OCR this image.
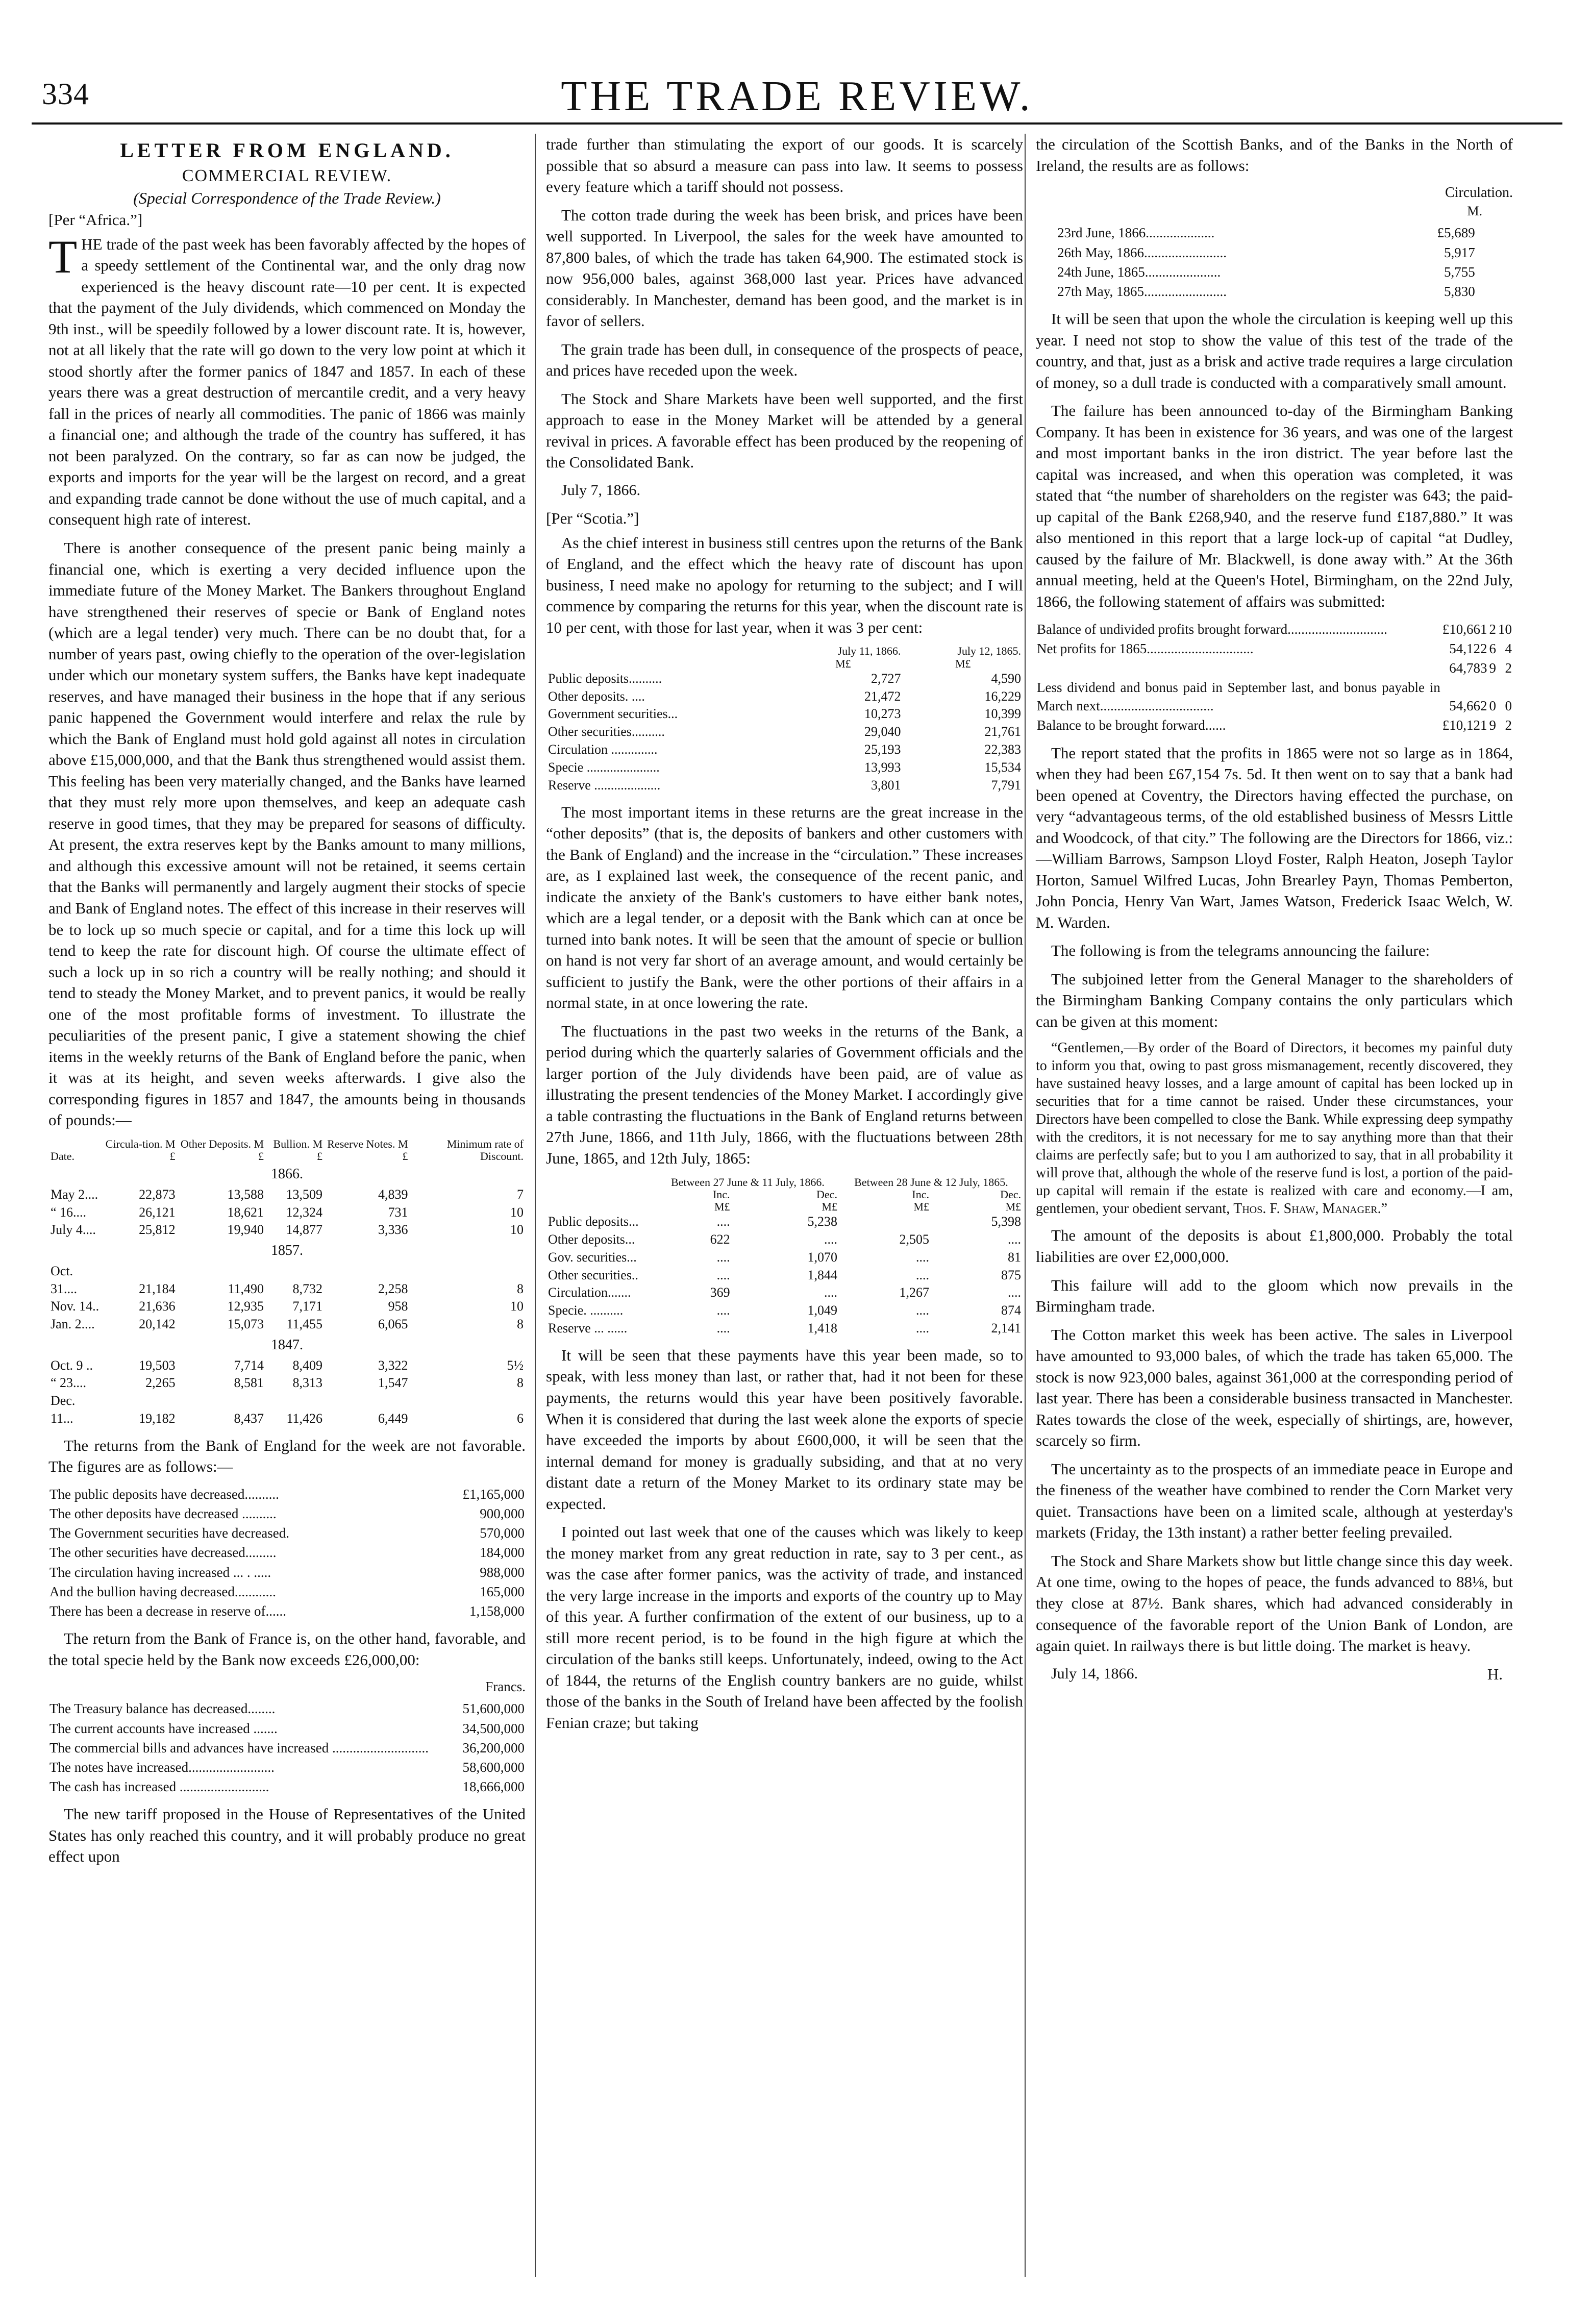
334	THE TRADE REVIEW.
LETTER FROM ENGLAND.
COMMERCIAL REVIEW.
(Special Correspondence of the Trade Review.)
[Per “Africa.”]

THE trade of the past week has been favorably affected by the hopes of a speedy settlement of the Continental war, and the only drag now experienced is the heavy discount rate—10 per cent. It is expected that the payment of the July dividends, which commenced on Monday the 9th inst., will be speedily followed by a lower discount rate. It is, however, not at all likely that the rate will go down to the very low point at which it stood shortly after the former panics of 1847 and 1857. In each of these years there was a great destruction of mercantile credit, and a very heavy fall in the prices of nearly all commodities. The panic of 1866 was mainly a financial one; and although the trade of the country has suffered, it has not been paralyzed. On the contrary, so far as can now be judged, the exports and imports for the year will be the largest on record, and a great and expanding trade cannot be done without the use of much capital, and a consequent high rate of interest.

There is another consequence of the present panic being mainly a financial one, which is exerting a very decided influence upon the immediate future of the Money Market. The Bankers throughout England have strengthened their reserves of specie or Bank of England notes (which are a legal tender) very much. There can be no doubt that, for a number of years past, owing chiefly to the operation of the over-legislation under which our monetary system suffers, the Banks have kept inadequate reserves, and have managed their business in the hope that if any serious panic happened the Government would interfere and relax the rule by which the Bank of England must hold gold against all notes in circulation above £15,000,000, and that the Bank thus strengthened would assist them. This feeling has been very materially changed, and the Banks have learned that they must rely more upon themselves, and keep an adequate cash reserve in good times, that they may be prepared for seasons of difficulty. At present, the extra reserves kept by the Banks amount to many millions, and although this excessive amount will not be retained, it seems certain that the Banks will permanently and largely augment their stocks of specie and Bank of England notes. The effect of this increase in their reserves will be to lock up so much specie or capital, and for a time this lock up will tend to keep the rate for discount high. Of course the ultimate effect of such a lock up in so rich a country will be really nothing; and should it tend to steady the Money Market, and to prevent panics, it would be really one of the most profitable forms of investment. To illustrate the peculiarities of the present panic, I give a statement showing the chief items in the weekly returns of the Bank of England before the panic, when it was at its height, and seven weeks afterwards. I give also the corresponding figures in 1857 and 1847, the amounts being in thousands of pounds:—

Date.	Circula-tion. M £	Other Deposits. M £	Bullion. M £	Reserve Notes. M £	Minimum rate of Discount.
1866.					
May 2....	22,873	13,588	13,509	4,839	7
“ 16....	26,121	18,621	12,324	731	10
July 4....	25,812	19,940	14,877	3,336	10
1857.					
Oct. 31....	21,184	11,490	8,732	2,258	8
Nov. 14..	21,636	12,935	7,171	958	10
Jan. 2....	20,142	15,073	11,455	6,065	8
1847.					
Oct. 9 ..	19,503	7,714	8,409	3,322	5½
“ 23....	2,265	8,581	8,313	1,547	8
Dec. 11...	19,182	8,437	11,426	6,449	6

The returns from the Bank of England for the week are not favorable. The figures are as follows:—

The public deposits have decreased..........	£1,165,000
The other deposits have decreased ..........	900,000
The Government securities have decreased.	570,000
The other securities have decreased.........	184,000
The circulation having increased ... . .....	988,000
And the bullion having decreased............	165,000
There has been a decrease in reserve of......	1,158,000

The return from the Bank of France is, on the other hand, favorable, and the total specie held by the Bank now exceeds £26,000,00:

Francs.
The Treasury balance has decreased........	51,600,000
The current accounts have increased .......	34,500,000
The commercial bills and advances have increased ............................	36,200,000
The notes have increased.........................	58,600,000
The cash has increased ..........................	18,666,000

The new tariff proposed in the House of Representatives of the United States has only reached this country, and it will probably produce no great effect upon

trade further than stimulating the export of our goods. It is scarcely possible that so absurd a measure can pass into law. It seems to possess every feature which a tariff should not possess.

The cotton trade during the week has been brisk, and prices have been well supported. In Liverpool, the sales for the week have amounted to 87,800 bales, of which the trade has taken 64,900. The estimated stock is now 956,000 bales, against 368,000 last year. Prices have advanced considerably. In Manchester, demand has been good, and the market is in favor of sellers.

The grain trade has been dull, in consequence of the prospects of peace, and prices have receded upon the week.

The Stock and Share Markets have been well supported, and the first approach to ease in the Money Market will be attended by a general revival in prices. A favorable effect has been produced by the reopening of the Consolidated Bank.

July 7, 1866.
[Per “Scotia.”]

As the chief interest in business still centres upon the returns of the Bank of England, and the effect which the heavy rate of discount has upon business, I need make no apology for returning to the subject; and I will commence by comparing the returns for this year, when the discount rate is 10 per cent, with those for last year, when it was 3 per cent:

	July 11, 1866.	July 12, 1865.
	M£	M£
Public deposits..........	2,727	4,590
Other deposits. ....	21,472	16,229
Government securities...	10,273	10,399
Other securities..........	29,040	21,761
Circulation ..............	25,193	22,383
Specie ......................	13,993	15,534
Reserve ....................	3,801	7,791

The most important items in these returns are the great increase in the “other deposits” (that is, the deposits of bankers and other customers with the Bank of England) and the increase in the “circulation.” These increases are, as I explained last week, the consequence of the recent panic, and indicate the anxiety of the Bank's customers to have either bank notes, which are a legal tender, or a deposit with the Bank which can at once be turned into bank notes. It will be seen that the amount of specie or bullion on hand is not very far short of an average amount, and would certainly be sufficient to justify the Bank, were the other portions of their affairs in a normal state, in at once lowering the rate.

The fluctuations in the past two weeks in the returns of the Bank, a period during which the quarterly salaries of Government officials and the larger portion of the July dividends have been paid, are of value as illustrating the present tendencies of the Money Market. I accordingly give a table contrasting the fluctuations in the Bank of England returns between 27th June, 1866, and 11th July, 1866, with the fluctuations between 28th June, 1865, and 12th July, 1865:

	Between 27 June & 11 July, 1866.		Between 28 June & 12 July, 1865.	
	Inc.	Dec.	Inc.	Dec.
	M£	M£	M£	M£
Public deposits...	....	5,238		5,398
Other deposits...	622	....	2,505	....
Gov. securities...	....	1,070	....	81
Other securities..	....	1,844	....	875
Circulation.......	369	....	1,267	....
Specie. ..........	....	1,049	....	874
Reserve ... ......	....	1,418	....	2,141

It will be seen that these payments have this year been made, so to speak, with less money than last, or rather that, had it not been for these payments, the returns would this year have been positively favorable. When it is considered that during the last week alone the exports of specie have exceeded the imports by about £600,000, it will be seen that the internal demand for money is gradually subsiding, and that at no very distant date a return of the Money Market to its ordinary state may be expected.

I pointed out last week that one of the causes which was likely to keep the money market from any great reduction in rate, say to 3 per cent., as was the case after former panics, was the activity of trade, and instanced the very large increase in the imports and exports of the country up to May of this year. A further confirmation of the extent of our business, up to a still more recent period, is to be found in the high figure at which the circulation of the banks still keeps. Unfortunately, indeed, owing to the Act of 1844, the returns of the English country bankers are no guide, whilst those of the banks in the South of Ireland have been affected by the foolish Fenian craze; but taking

the circulation of the Scottish Banks, and of the Banks in the North of Ireland, the results are as follows:

Circulation.
M.
23rd June, 1866....................	£5,689
26th May, 1866........................	5,917
24th June, 1865......................	5,755
27th May, 1865........................	5,830

It will be seen that upon the whole the circulation is keeping well up this year. I need not stop to show the value of this test of the trade of the country, and that, just as a brisk and active trade requires a large circulation of money, so a dull trade is conducted with a comparatively small amount.

The failure has been announced to-day of the Birmingham Banking Company. It has been in existence for 36 years, and was one of the largest and most important banks in the iron district. The year before last the capital was increased, and when this operation was completed, it was stated that “the number of shareholders on the register was 643; the paid-up capital of the Bank £268,940, and the reserve fund £187,880.” It was also mentioned in this report that a large lock-up of capital “at Dudley, caused by the failure of Mr. Blackwell, is done away with.” At the 36th annual meeting, held at the Queen's Hotel, Birmingham, on the 22nd July, 1866, the following statement of affairs was submitted:

Balance of undivided profits brought forward.............................	£10,661	2	10
Net profits for 1865...............................	54,122	6	4
	64,783	9	2
Less dividend and bonus paid in September last, and bonus payable in March next.................................	54,662	0	0
Balance to be brought forward......	£10,121	9	2

The report stated that the profits in 1865 were not so large as in 1864, when they had been £67,154 7s. 5d. It then went on to say that a bank had been opened at Coventry, the Directors having effected the purchase, on very “advantageous terms, of the old established business of Messrs Little and Woodcock, of that city.” The following are the Directors for 1866, viz.:—William Barrows, Sampson Lloyd Foster, Ralph Heaton, Joseph Taylor Horton, Samuel Wilfred Lucas, John Brearley Payn, Thomas Pemberton, John Poncia, Henry Van Wart, James Watson, Frederick Isaac Welch, W. M. Warden.

The following is from the telegrams announcing the failure:

The subjoined letter from the General Manager to the shareholders of the Birmingham Banking Company contains the only particulars which can be given at this moment:

“Gentlemen,—By order of the Board of Directors, it becomes my painful duty to inform you that, owing to past gross mismanagement, recently discovered, they have sustained heavy losses, and a large amount of capital has been locked up in securities that for a time cannot be raised. Under these circumstances, your Directors have been compelled to close the Bank. While expressing deep sympathy with the creditors, it is not necessary for me to say anything more than that their claims are perfectly safe; but to you I am authorized to say, that in all probability it will prove that, although the whole of the reserve fund is lost, a portion of the paid-up capital will remain if the estate is realized with care and economy.—I am, gentlemen, your obedient servant, Thos. F. Shaw, Manager.”

The amount of the deposits is about £1,800,000. Probably the total liabilities are over £2,000,000.

This failure will add to the gloom which now prevails in the Birmingham trade.

The Cotton market this week has been active. The sales in Liverpool have amounted to 93,000 bales, of which the trade has taken 65,000. The stock is now 923,000 bales, against 361,000 at the corresponding period of last year. There has been a considerable business transacted in Manchester. Rates towards the close of the week, especially of shirtings, are, however, scarcely so firm.

The uncertainty as to the prospects of an immediate peace in Europe and the fineness of the weather have combined to render the Corn Market very quiet. Transactions have been on a limited scale, although at yesterday's markets (Friday, the 13th instant) a rather better feeling prevailed.

The Stock and Share Markets show but little change since this day week. At one time, owing to the hopes of peace, the funds advanced to 88⅛, but they close at 87½. Bank shares, which had advanced considerably in consequence of the favorable report of the Union Bank of London, are again quiet. In railways there is but little doing. The market is heavy.

July 14, 1866.	H.
